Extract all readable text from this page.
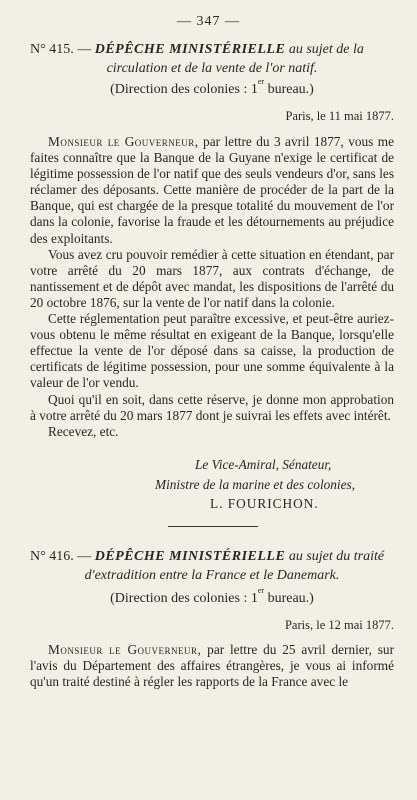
— 347 —
N° 415. — DÉPÊCHE MINISTÉRIELLE au sujet de la
circulation et de la vente de l'or natif.
(Direction des colonies : 1er bureau.)
Paris, le 11 mai 1877.

Monsieur le Gouverneur, par lettre du 3 avril 1877, vous me faites connaître que la Banque de la Guyane n'exige le certificat de légitime possession de l'or natif que des seuls vendeurs d'or, sans les réclamer des déposants. Cette manière de procéder de la part de la Banque, qui est chargée de la presque totalité du mouvement de l'or dans la colonie, favorise la fraude et les détournements au préjudice des exploitants.

Vous avez cru pouvoir remédier à cette situation en étendant, par votre arrêté du 20 mars 1877, aux contrats d'échange, de nantissement et de dépôt avec mandat, les dispositions de l'arrêté du 20 octobre 1876, sur la vente de l'or natif dans la colonie.

Cette réglementation peut paraître excessive, et peut-être auriez-vous obtenu le même résultat en exigeant de la Banque, lorsqu'elle effectue la vente de l'or déposé dans sa caisse, la production de certificats de légitime possession, pour une somme équivalente à la valeur de l'or vendu.

Quoi qu'il en soit, dans cette réserve, je donne mon approbation à votre arrêté du 20 mars 1877 dont je suivrai les effets avec intérêt.

Recevez, etc.

Le Vice-Amiral, Sénateur,
Ministre de la marine et des colonies,
L. FOURICHON.
N° 416. — DÉPÊCHE MINISTÉRIELLE au sujet du traité
d'extradition entre la France et le Danemark.
(Direction des colonies : 1er bureau.)
Paris, le 12 mai 1877.

Monsieur le Gouverneur, par lettre du 25 avril dernier, sur l'avis du Département des affaires étrangères, je vous ai informé qu'un traité destiné à régler les rapports de la France avec le
